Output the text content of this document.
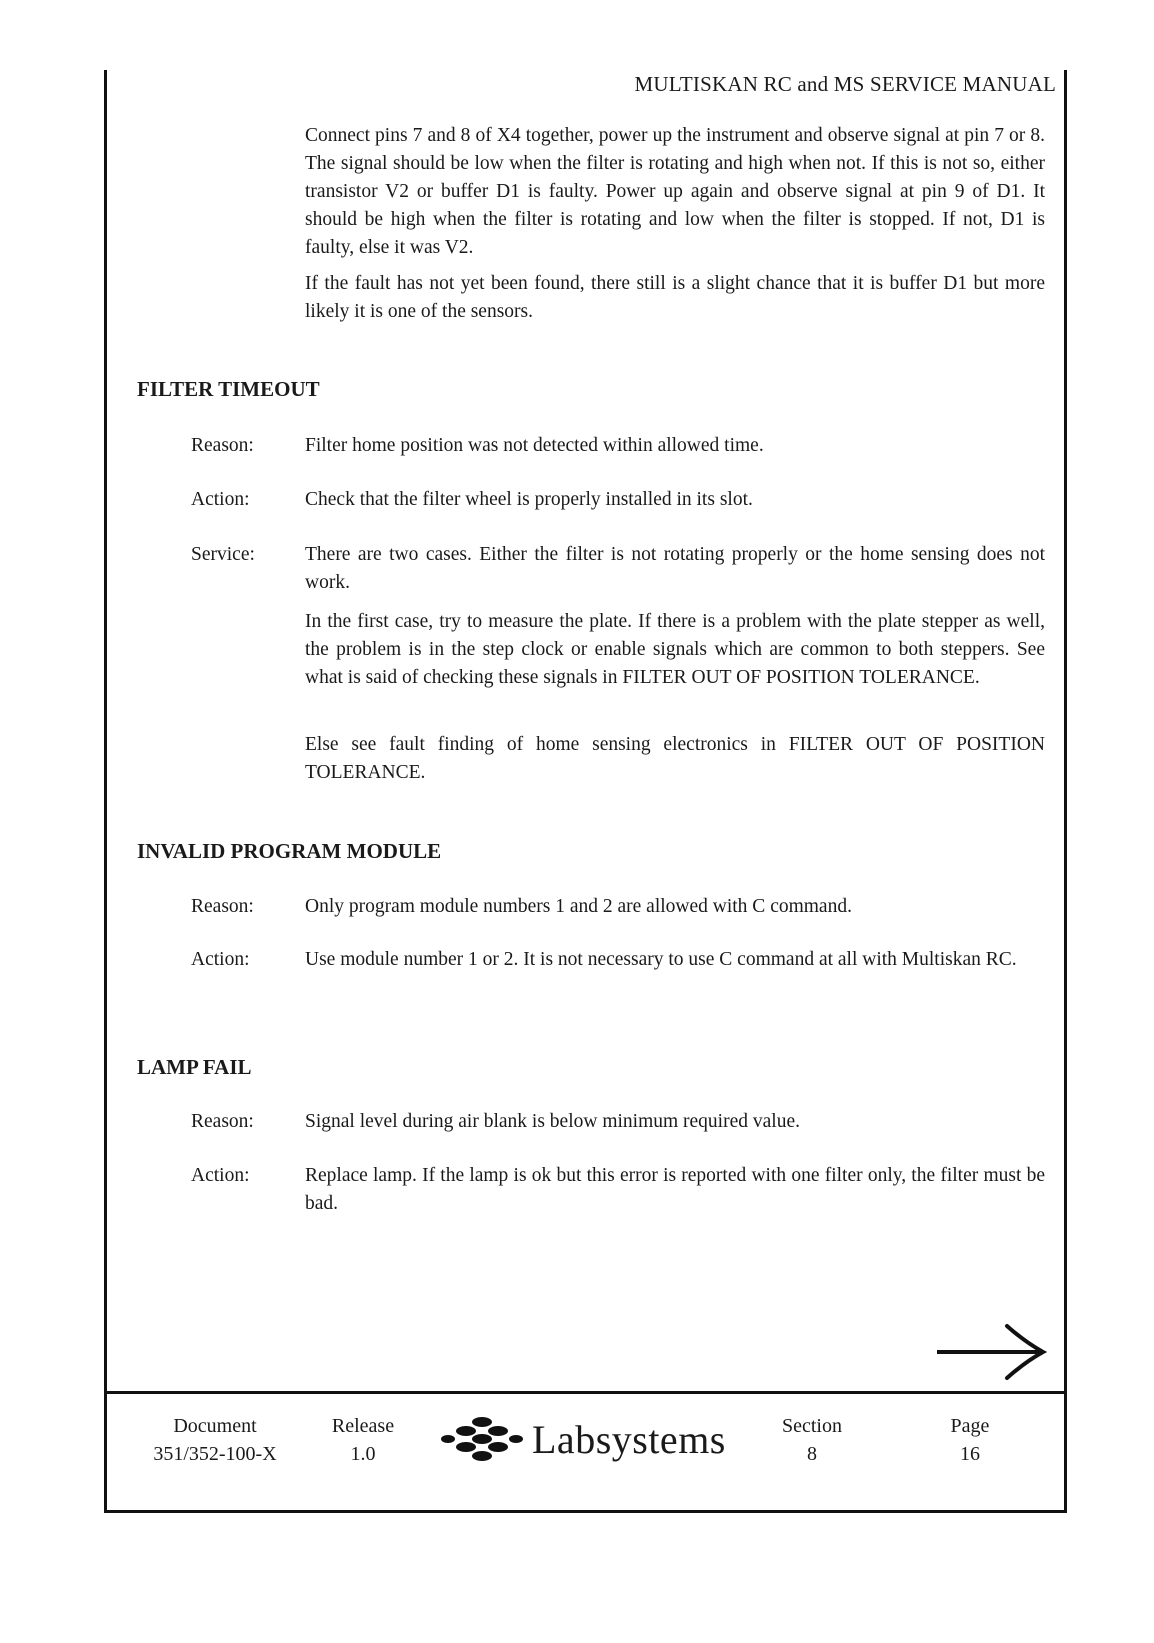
MULTISKAN RC and MS SERVICE MANUAL
Connect pins 7 and 8 of X4 together, power up the instrument and observe signal at pin 7 or 8. The signal should be low when the filter is rotating and high when not. If this is not so, either transistor V2 or buffer D1 is faulty. Power up again and observe signal at pin 9 of D1. It should be high when the filter is rotating and low when the filter is stopped. If not, D1 is faulty, else it was V2.
If the fault has not yet been found, there still is a slight chance that it is buffer D1 but more likely it is one of the sensors.
FILTER TIMEOUT
Reason:	Filter home position was not detected within allowed time.
Action:	Check that the filter wheel is properly installed in its slot.
Service:	There are two cases. Either the filter is not rotating properly or the home sensing does not work.
In the first case, try to measure the plate. If there is a problem with the plate stepper as well, the problem is in the step clock or enable signals which are common to both steppers. See what is said of checking these signals in FILTER OUT OF POSITION TOLERANCE.
Else see fault finding of home sensing electronics in FILTER OUT OF POSITION TOLERANCE.
INVALID PROGRAM MODULE
Reason:	Only program module numbers 1 and 2 are allowed with C command.
Action:	Use module number 1 or 2. It is not necessary to use C command at all with Multiskan RC.
LAMP FAIL
Reason:	Signal level during air blank is below minimum required value.
Action:	Replace lamp. If the lamp is ok but this error is reported with one filter only, the filter must be bad.
Document
351/352-100-X
Release
1.0	Labsystems	Section
8
Page
16
